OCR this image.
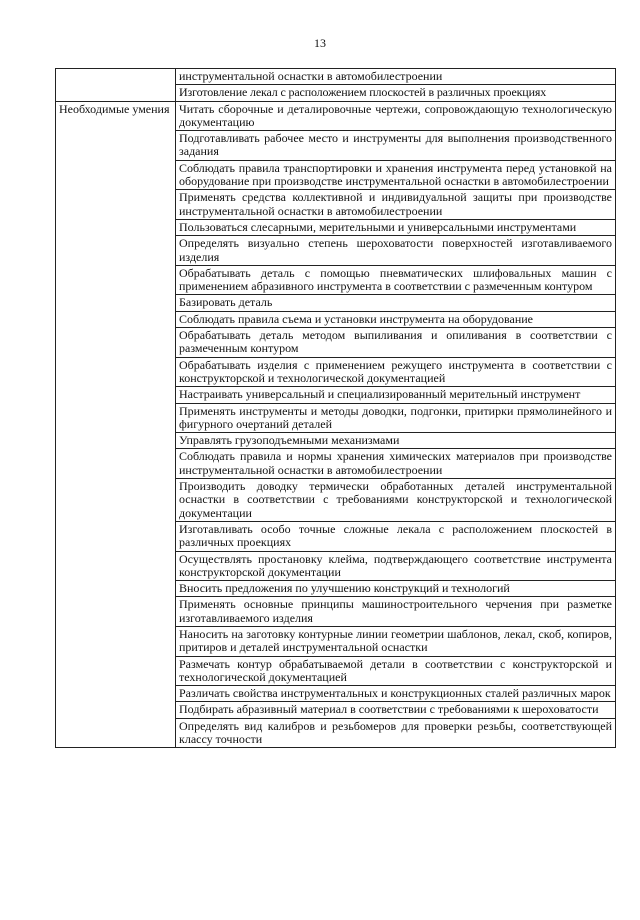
13
	инструментальной оснастки в автомобилестроении
	Изготовление лекал с расположением плоскостей в различных проекциях
Необходимые умения	Читать сборочные и деталировочные чертежи, сопровождающую технологическую документацию
	Подготавливать рабочее место и инструменты для выполнения производственного задания
	Соблюдать правила транспортировки и хранения инструмента перед установкой на оборудование при производстве инструментальной оснастки в автомобилестроении
	Применять средства коллективной и индивидуальной защиты при производстве инструментальной оснастки в автомобилестроении
	Пользоваться слесарными, мерительными и универсальными инструментами
	Определять визуально степень шероховатости поверхностей изготавливаемого изделия
	Обрабатывать деталь с помощью пневматических шлифовальных машин с применением абразивного инструмента в соответствии с размеченным контуром
	Базировать деталь
	Соблюдать правила съема и установки инструмента на оборудование
	Обрабатывать деталь методом выпиливания и опиливания в соответствии с размеченным контуром
	Обрабатывать изделия с применением режущего инструмента в соответствии с конструкторской и технологической документацией
	Настраивать универсальный и специализированный мерительный инструмент
	Применять инструменты и методы доводки, подгонки, притирки прямолинейного и фигурного очертаний деталей
	Управлять грузоподъемными механизмами
	Соблюдать правила и нормы хранения химических материалов при производстве инструментальной оснастки в автомобилестроении
	Производить доводку термически обработанных деталей инструментальной оснастки в соответствии с требованиями конструкторской и технологической документации
	Изготавливать особо точные сложные лекала с расположением плоскостей в различных проекциях
	Осуществлять простановку клейма, подтверждающего соответствие инструмента конструкторской документации
	Вносить предложения по улучшению конструкций и технологий
	Применять основные принципы машиностроительного черчения при разметке изготавливаемого изделия
	Наносить на заготовку контурные линии геометрии шаблонов, лекал, скоб, копиров, притиров и деталей инструментальной оснастки
	Размечать контур обрабатываемой детали в соответствии с конструкторской и технологической документацией
	Различать свойства инструментальных и конструкционных сталей различных марок
	Подбирать абразивный материал в соответствии с требованиями к шероховатости
	Определять вид калибров и резьбомеров для проверки резьбы, соответствующей классу точности
